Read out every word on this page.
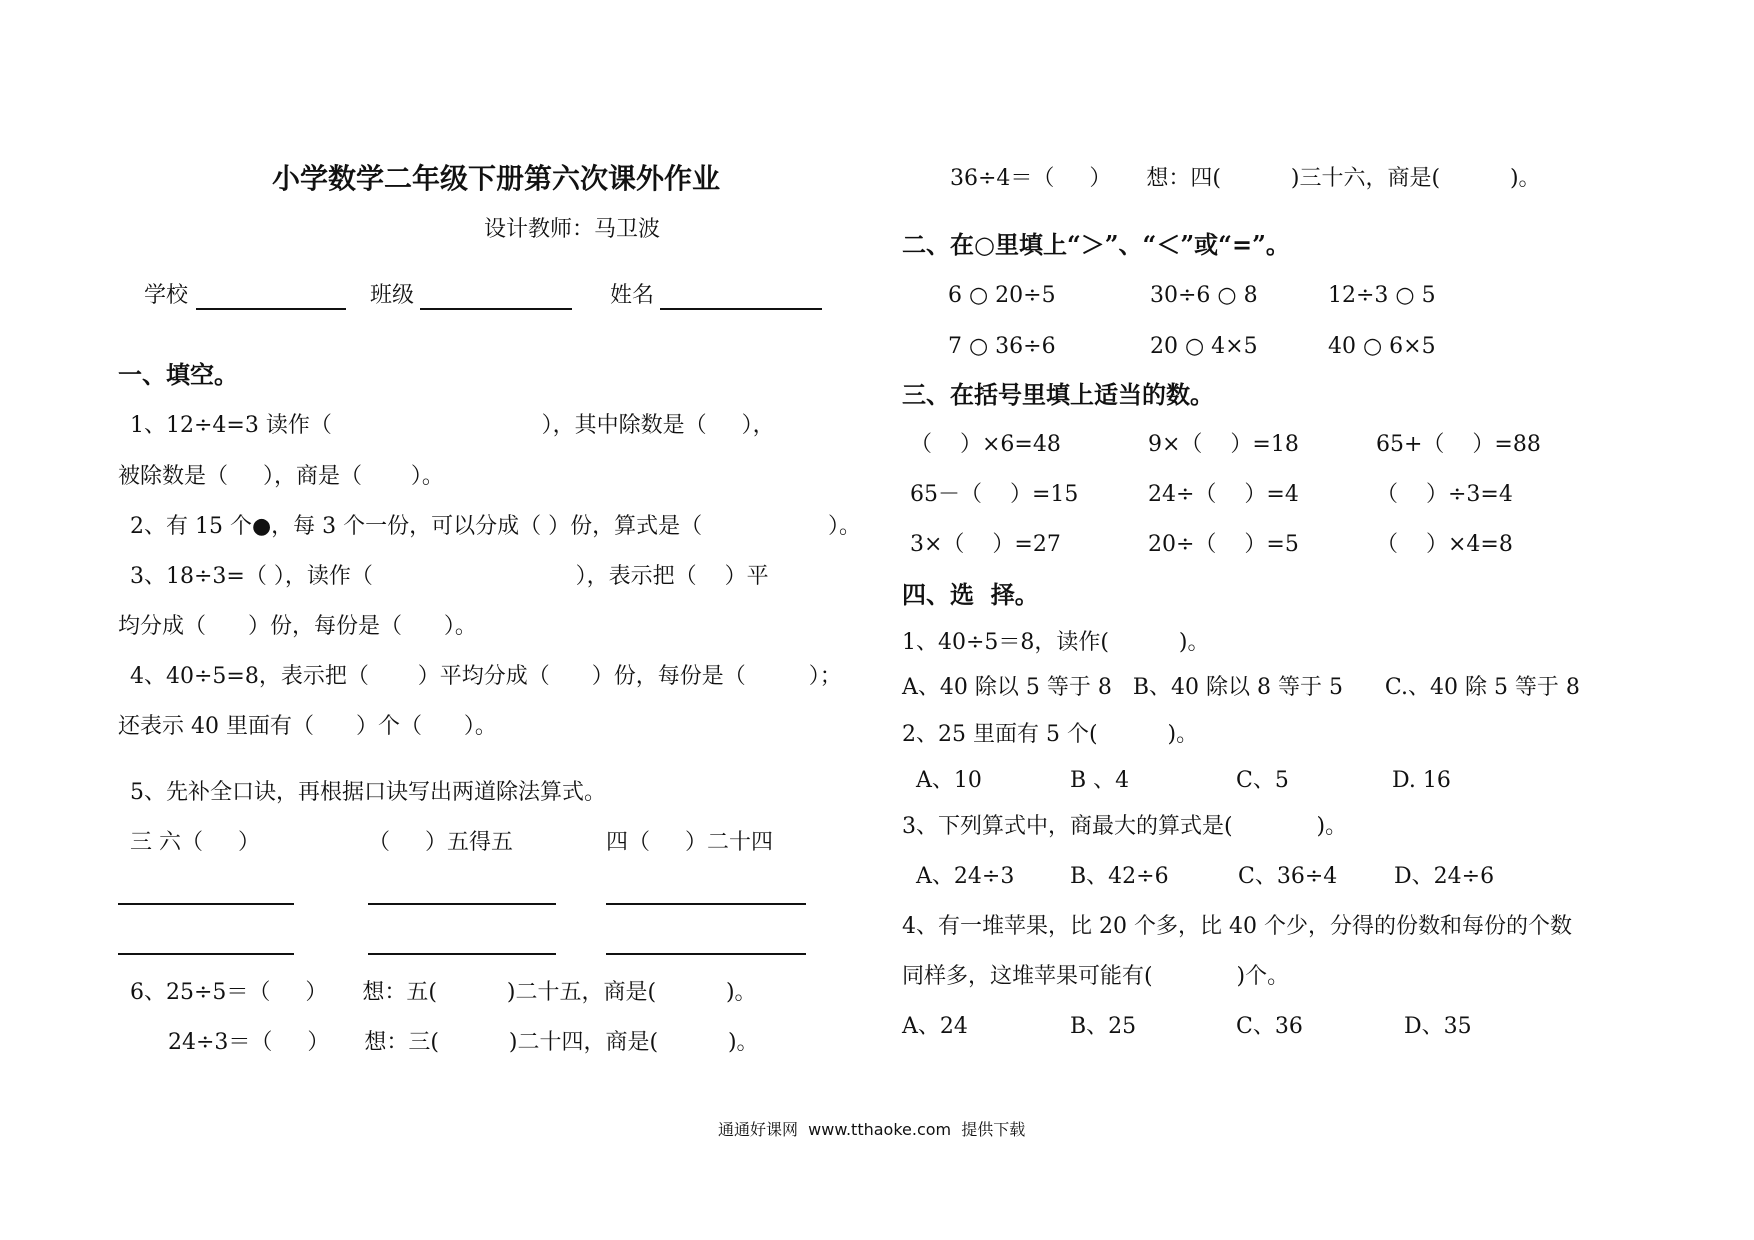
小学数学二年级下册第六次课外作业
设计教师：马卫波
学校	班级	姓名
一、填空。
1、12÷4=3 读作（                              ），其中除数是（     ），
被除数是（     ），商是（       ）。
2、有 15 个●，每 3 个一份，可以分成（ ）份，算式是（                  ）。
3、18÷3=（ ），读作（                             ），表示把（    ）平
均分成（      ）份，每份是（      ）。
4、40÷5=8，表示把（       ）平均分成（      ）份，每份是（         ）；
还表示 40 里面有（      ）个（      ）。
5、先补全口诀，再根据口诀写出两道除法算式。
三 六（     ）	（     ）五得五	四（     ）二十四
6、25÷5＝（     ）     想：五(          )二十五，商是(          )。
24÷3＝（     ）     想：三(          )二十四，商是(          )。
36÷4＝（     ）     想：四(          )三十六，商是(          )。
二、在○里填上“＞”、“＜”或“=”。
6 ○ 20÷5	30÷6 ○ 8	12÷3 ○ 5
7 ○ 36÷6	20 ○ 4×5	40 ○ 6×5
三、在括号里填上适当的数。
（    ）×6=48	9×（    ）=18	65+（    ）=88
65－（    ）=15	24÷（    ）=4	（    ）÷3=4
3×（    ）=27	20÷（    ）=5	（    ）×4=8
四、选  择。
1、40÷5＝8，读作(          )。
A、40 除以 5 等于 8   B、40 除以 8 等于 5      C.、40 除 5 等于 8
2、25 里面有 5 个(          )。
A、10	B 、4	C、5	D. 16
3、下列算式中，商最大的算式是(            )。
A、24÷3	B、42÷6	C、36÷4	D、24÷6
4、有一堆苹果，比 20 个多，比 40 个少，分得的份数和每份的个数
同样多，这堆苹果可能有(            )个。
A、24	B、25	C、36	D、35
通通好课网  www.tthaoke.com  提供下载
